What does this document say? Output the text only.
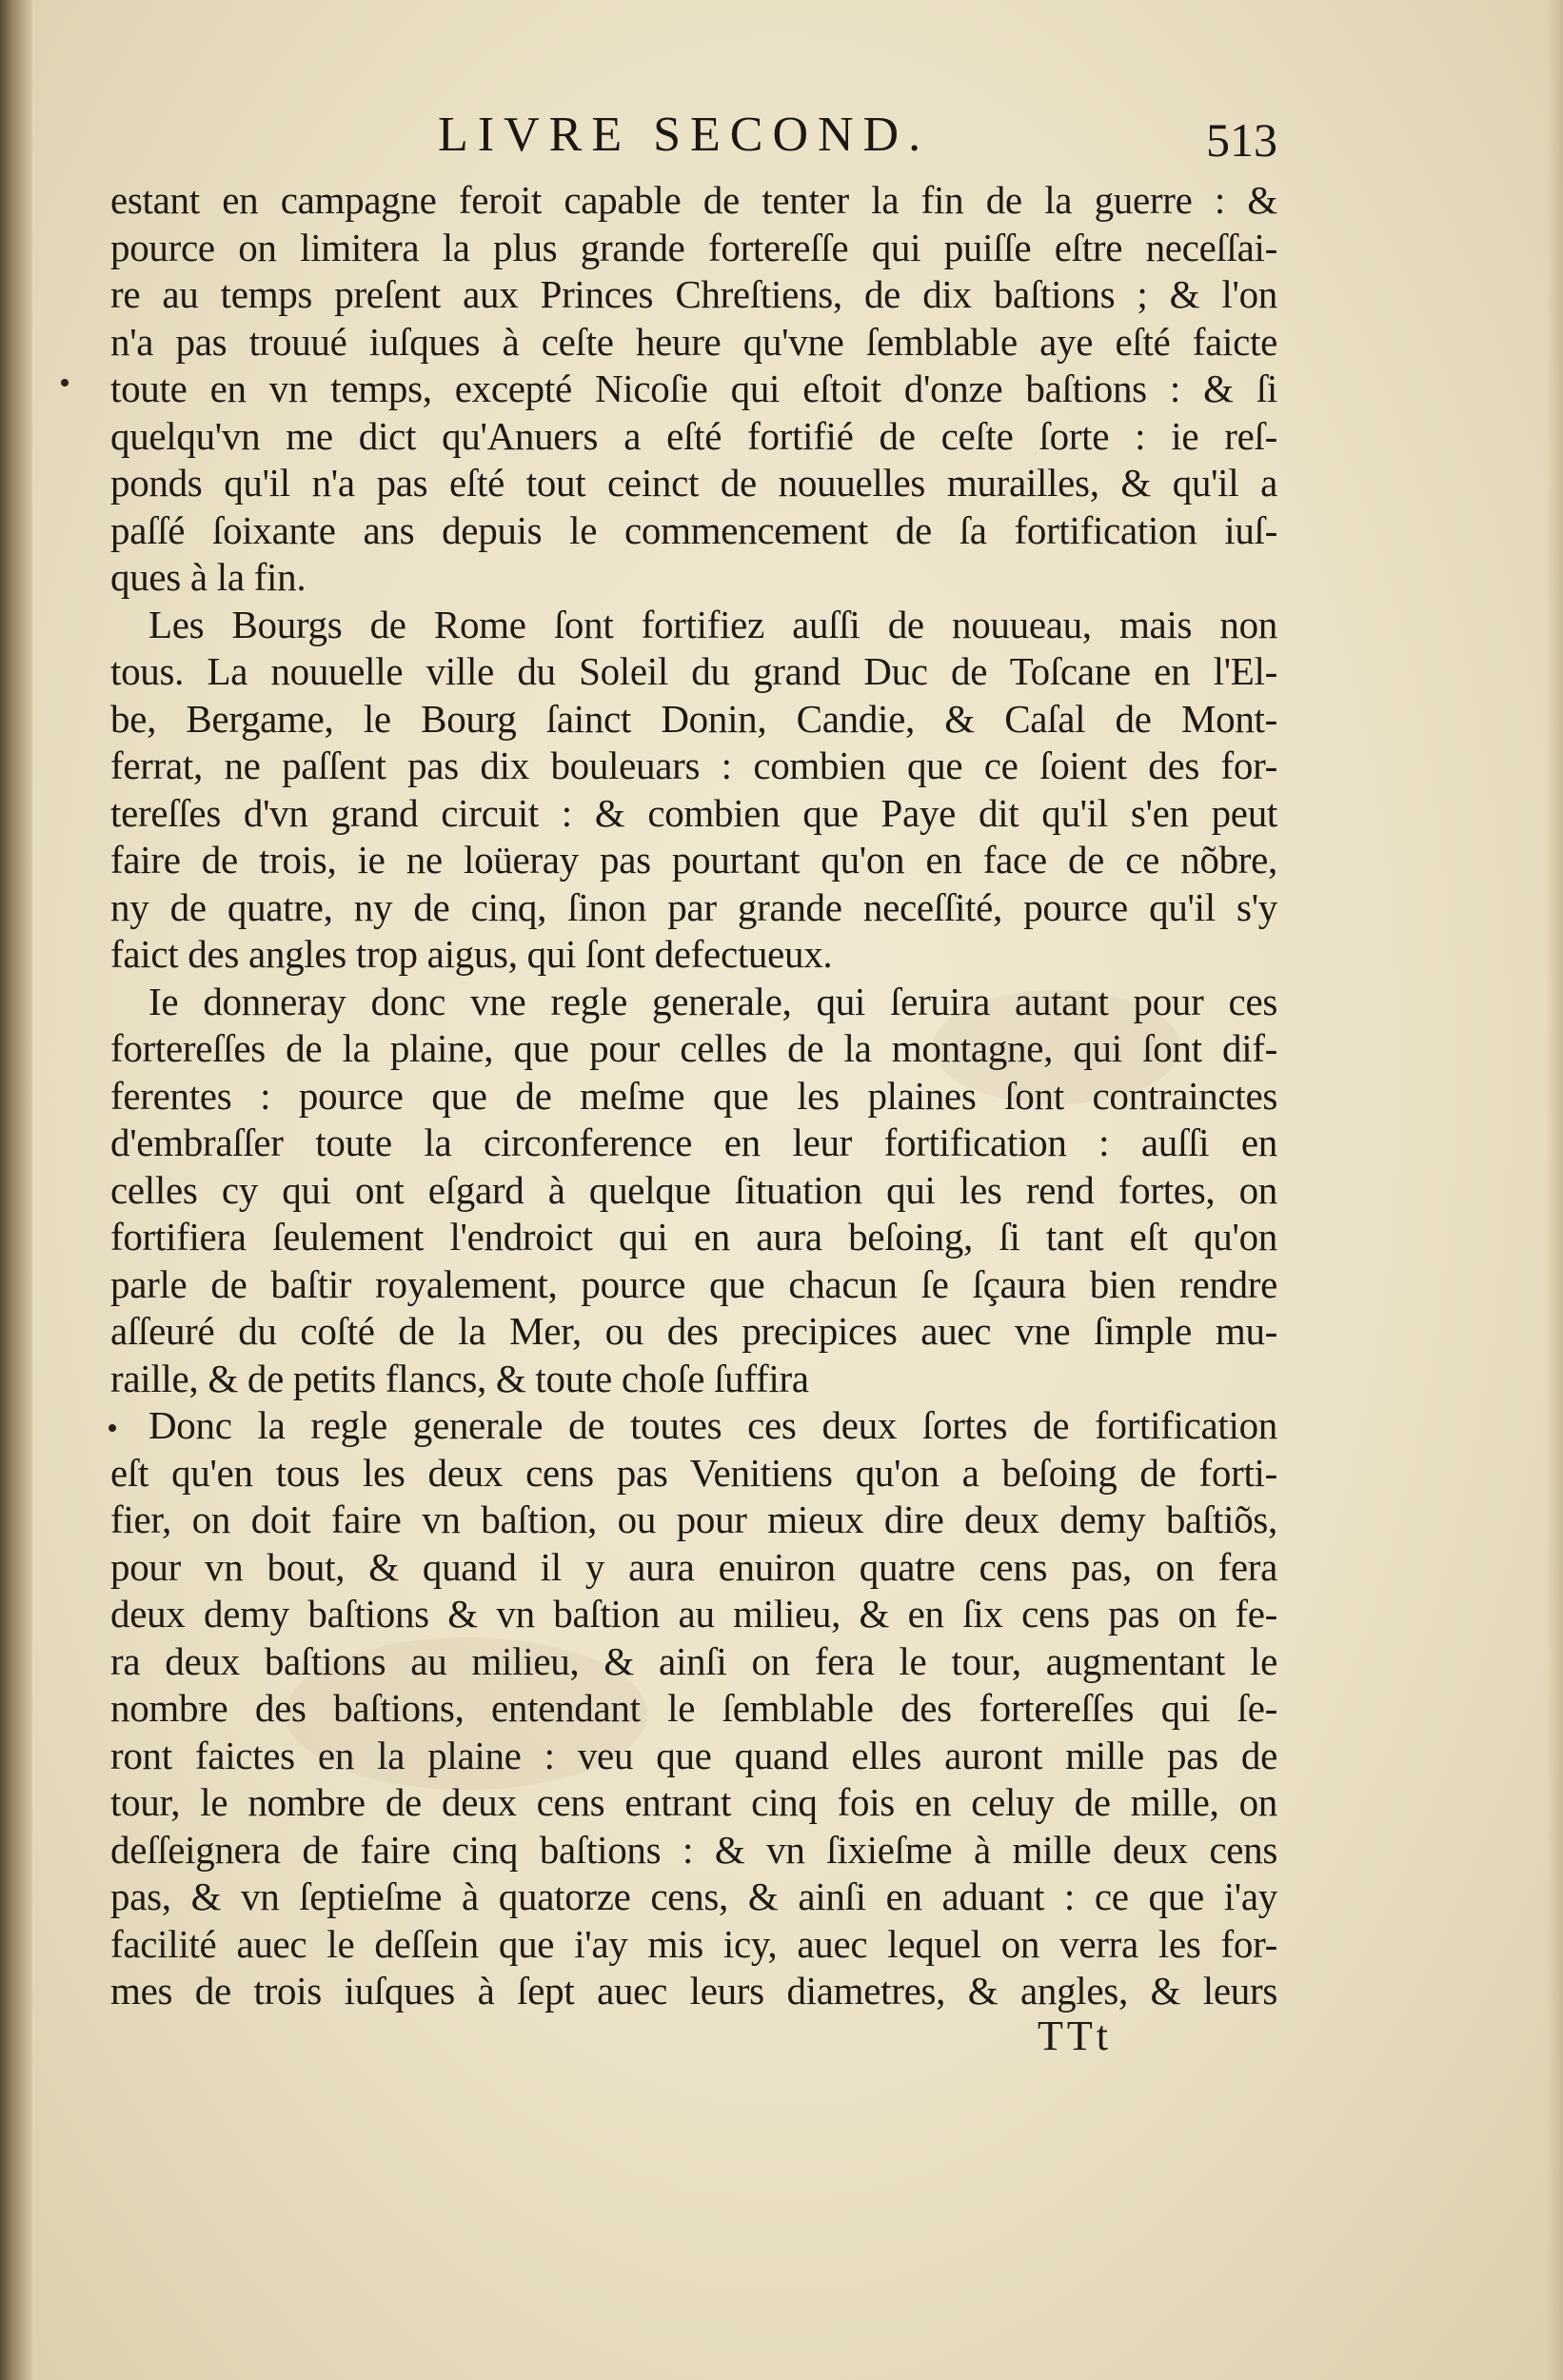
LIVRE SECOND.	513
estant en campagne feroit capable de tenter la fin de la guerre : &
pource on limitera la plus grande fortereſſe qui puiſſe eſtre neceſſai-
re au temps preſent aux Princes Chreſtiens, de dix baſtions ; & l'on
n'a pas trouué iuſques à ceſte heure qu'vne ſemblable aye eſté faicte
toute en vn temps, excepté Nicoſie qui eſtoit d'onze baſtions : & ſi
quelqu'vn me dict qu'Anuers a eſté fortifié de ceſte ſorte : ie reſ-
ponds qu'il n'a pas eſté tout ceinct de nouuelles murailles, & qu'il a
paſſé ſoixante ans depuis le commencement de ſa fortification iuſ-
ques à la fin.
Les Bourgs de Rome ſont fortifiez auſſi de nouueau, mais non
tous. La nouuelle ville du Soleil du grand Duc de Toſcane en l'El-
be, Bergame, le Bourg ſainct Donin, Candie, & Caſal de Mont-
ferrat, ne paſſent pas dix bouleuars : combien que ce ſoient des for-
tereſſes d'vn grand circuit : & combien que Paye dit qu'il s'en peut
faire de trois, ie ne loüeray pas pourtant qu'on en face de ce nõbre,
ny de quatre, ny de cinq, ſinon par grande neceſſité, pource qu'il s'y
faict des angles trop aigus, qui ſont defectueux.
Ie donneray donc vne regle generale, qui ſeruira autant pour ces
fortereſſes de la plaine, que pour celles de la montagne, qui ſont dif-
ferentes : pource que de meſme que les plaines ſont contrainctes
d'embraſſer toute la circonference en leur fortification : auſſi en
celles cy qui ont eſgard à quelque ſituation qui les rend fortes, on
fortifiera ſeulement l'endroict qui en aura beſoing, ſi tant eſt qu'on
parle de baſtir royalement, pource que chacun ſe ſçaura bien rendre
aſſeuré du coſté de la Mer, ou des precipices auec vne ſimple mu-
raille, & de petits flancs, & toute choſe ſuffira
Donc la regle generale de toutes ces deux ſortes de fortification
eſt qu'en tous les deux cens pas Venitiens qu'on a beſoing de forti-
fier, on doit faire vn baſtion, ou pour mieux dire deux demy baſtiõs,
pour vn bout, & quand il y aura enuiron quatre cens pas, on fera
deux demy baſtions & vn baſtion au milieu, & en ſix cens pas on fe-
ra deux baſtions au milieu, & ainſi on fera le tour, augmentant le
nombre des baſtions, entendant le ſemblable des fortereſſes qui ſe-
ront faictes en la plaine : veu que quand elles auront mille pas de
tour, le nombre de deux cens entrant cinq fois en celuy de mille, on
deſſeignera de faire cinq baſtions : & vn ſixieſme à mille deux cens
pas, & vn ſeptieſme à quatorze cens, & ainſi en aduant : ce que i'ay
facilité auec le deſſein que i'ay mis icy, auec lequel on verra les for-
mes de trois iuſques à ſept auec leurs diametres, & angles, & leurs
TTt
